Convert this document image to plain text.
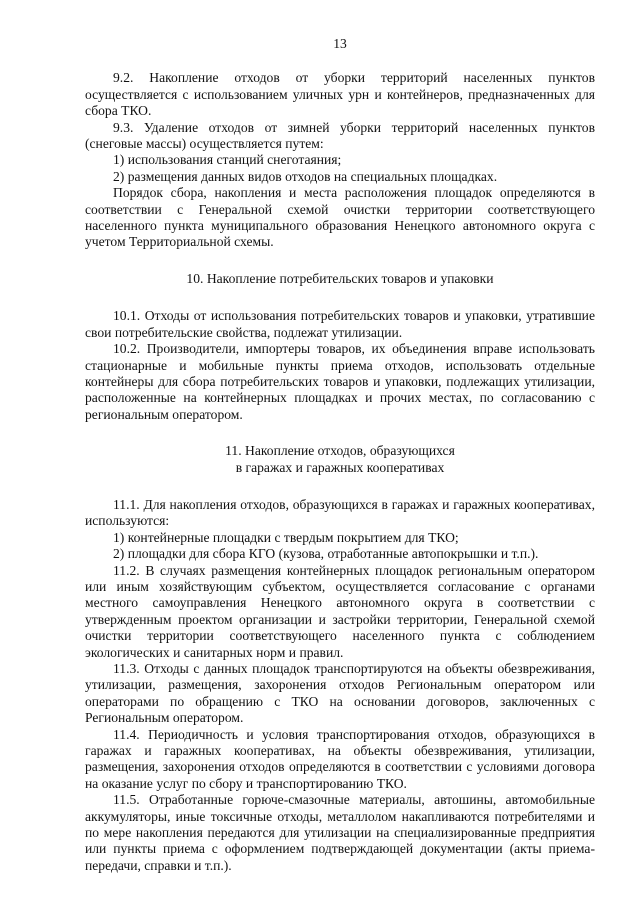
13

9.2. Накопление отходов от уборки территорий населенных пунктов осуществляется с использованием уличных урн и контейнеров, предназначенных для сбора ТКО.

9.3. Удаление отходов от зимней уборки территорий населенных пунктов (снеговые массы) осуществляется путем:

1) использования станций снеготаяния;

2) размещения данных видов отходов на специальных площадках.

Порядок сбора, накопления и места расположения площадок определяются в соответствии с Генеральной схемой очистки территории соответствующего населенного пункта муниципального образования Ненецкого автономного округа с учетом Территориальной схемы.

10. Накопление потребительских товаров и упаковки

10.1. Отходы от использования потребительских товаров и упаковки, утратившие свои потребительские свойства, подлежат утилизации.

10.2. Производители, импортеры товаров, их объединения вправе использовать стационарные и мобильные пункты приема отходов, использовать отдельные контейнеры для сбора потребительских товаров и упаковки, подлежащих утилизации, расположенные на контейнерных площадках и прочих местах, по согласованию с региональным оператором.

11. Накопление отходов, образующихся

в гаражах и гаражных кооперативах

11.1. Для накопления отходов, образующихся в гаражах и гаражных кооперативах, используются:

1) контейнерные площадки с твердым покрытием для ТКО;

2) площадки для сбора КГО (кузова, отработанные автопокрышки и т.п.).

11.2. В случаях размещения контейнерных площадок региональным оператором или иным хозяйствующим субъектом, осуществляется согласование с органами местного самоуправления Ненецкого автономного округа в соответствии с утвержденным проектом организации и застройки территории, Генеральной схемой очистки территории соответствующего населенного пункта с соблюдением экологических и санитарных норм и правил.

11.3. Отходы с данных площадок транспортируются на объекты обезвреживания, утилизации, размещения, захоронения отходов Региональным оператором или операторами по обращению с ТКО на основании договоров, заключенных с Региональным оператором.

11.4. Периодичность и условия транспортирования отходов, образующихся в гаражах и гаражных кооперативах, на объекты обезвреживания, утилизации, размещения, захоронения отходов определяются в соответствии с условиями договора на оказание услуг по сбору и транспортированию ТКО.

11.5. Отработанные горюче-смазочные материалы, автошины, автомобильные аккумуляторы, иные токсичные отходы, металлолом накапливаются потребителями и по мере накопления передаются для утилизации на специализированные предприятия или пункты приема с оформлением подтверждающей документации (акты приема-передачи, справки и т.п.).
